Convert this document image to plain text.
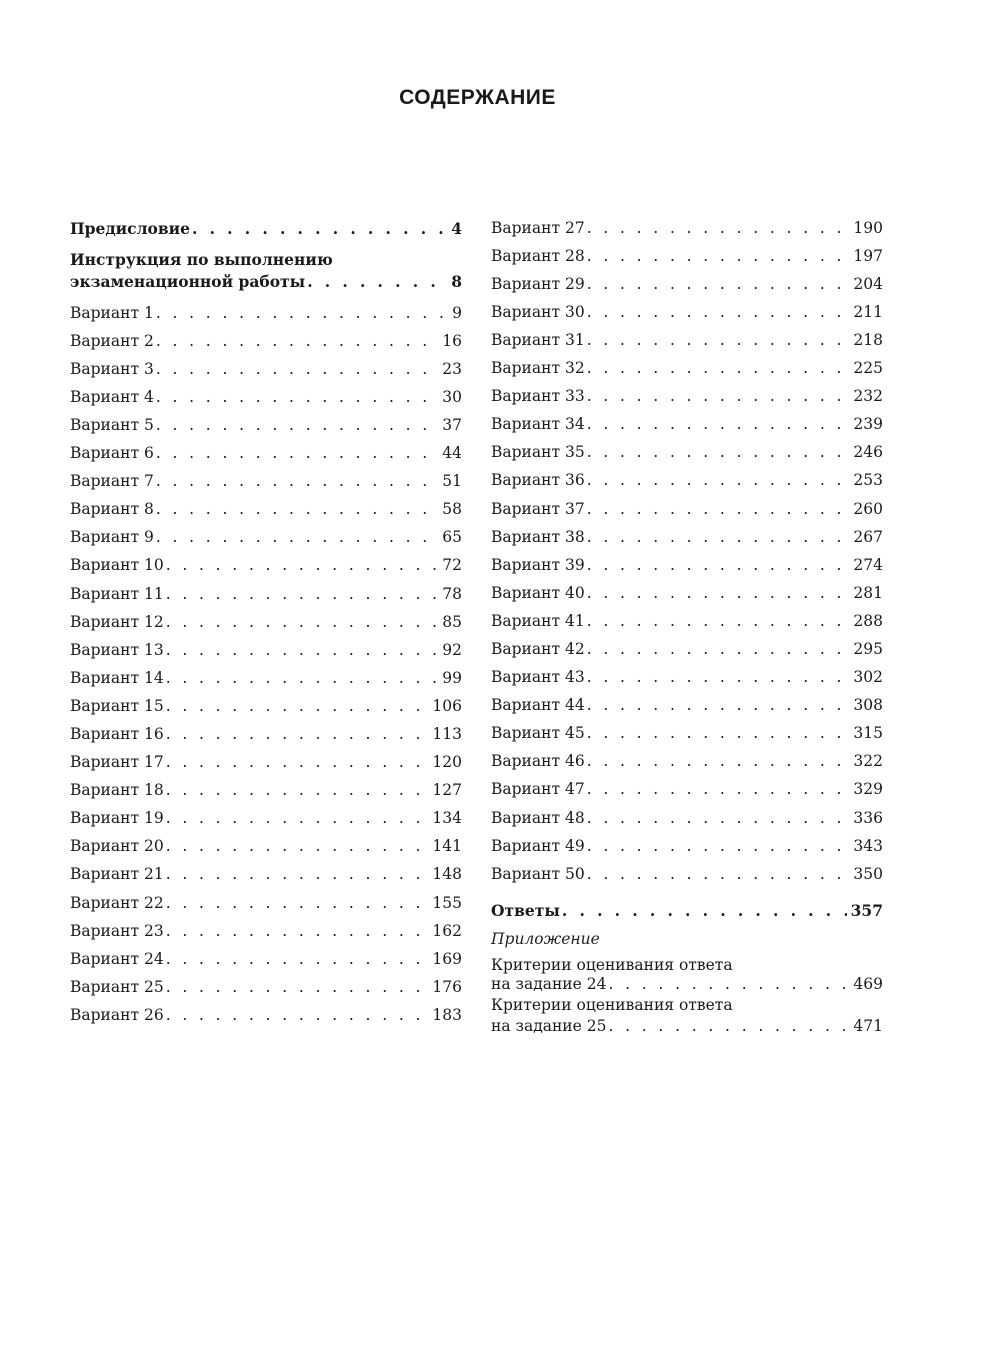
СОДЕРЖАНИЕ
Предисловие . . .	4
Инструкция по выполнению
экзаменационной работы . . .	8
Вариант 1 . . .	9
Вариант 2 . . .	16
Вариант 3 . . .	23
Вариант 4 . . .	30
Вариант 5 . . .	37
Вариант 6 . . .	44
Вариант 7 . . .	51
Вариант 8 . . .	58
Вариант 9 . . .	65
Вариант 10 . . .	72
Вариант 11 . . .	78
Вариант 12 . . .	85
Вариант 13 . . .	92
Вариант 14 . . .	99
Вариант 15 . . .	106
Вариант 16 . . .	113
Вариант 17 . . .	120
Вариант 18 . . .	127
Вариант 19 . . .	134
Вариант 20 . . .	141
Вариант 21 . . .	148
Вариант 22 . . .	155
Вариант 23 . . .	162
Вариант 24 . . .	169
Вариант 25 . . .	176
Вариант 26 . . .	183
Вариант 27 . . .	190
Вариант 28 . . .	197
Вариант 29 . . .	204
Вариант 30 . . .	211
Вариант 31 . . .	218
Вариант 32 . . .	225
Вариант 33 . . .	232
Вариант 34 . . .	239
Вариант 35 . . .	246
Вариант 36 . . .	253
Вариант 37 . . .	260
Вариант 38 . . .	267
Вариант 39 . . .	274
Вариант 40 . . .	281
Вариант 41 . . .	288
Вариант 42 . . .	295
Вариант 43 . . .	302
Вариант 44 . . .	308
Вариант 45 . . .	315
Вариант 46 . . .	322
Вариант 47 . . .	329
Вариант 48 . . .	336
Вариант 49 . . .	343
Вариант 50 . . .	350
Ответы . . .	357
Приложение
Критерии оценивания ответа
на задание 24 . . .	469
Критерии оценивания ответа
на задание 25 . . .	471
